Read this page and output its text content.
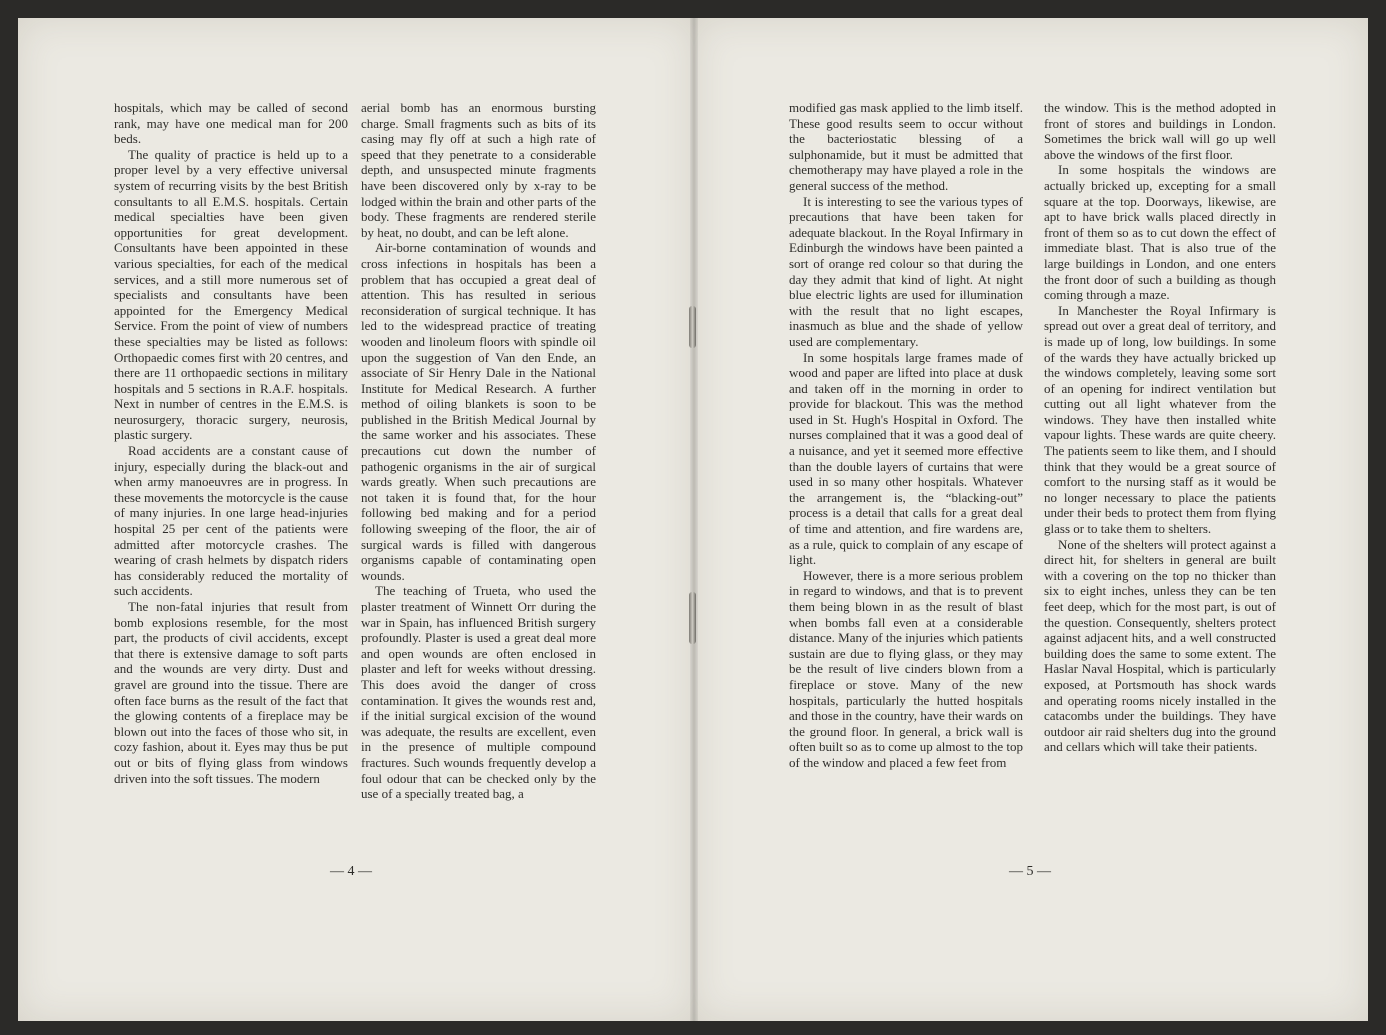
hospitals, which may be called of second rank, may have one medical man for 200 beds.

The quality of practice is held up to a proper level by a very effective universal system of recurring visits by the best British consultants to all E.M.S. hospitals. Certain medical specialties have been given opportunities for great development. Consultants have been appointed in these various specialties, for each of the medical services, and a still more numerous set of specialists and consultants have been appointed for the Emergency Medical Service. From the point of view of numbers these specialties may be listed as follows: Orthopaedic comes first with 20 centres, and there are 11 orthopaedic sections in military hospitals and 5 sections in R.A.F. hospitals. Next in number of centres in the E.M.S. is neurosurgery, thoracic surgery, neurosis, plastic surgery.

Road accidents are a constant cause of injury, especially during the black-out and when army manoeuvres are in progress. In these movements the motorcycle is the cause of many injuries. In one large head-injuries hospital 25 per cent of the patients were admitted after motorcycle crashes. The wearing of crash helmets by dispatch riders has considerably reduced the mortality of such accidents.

The non-fatal injuries that result from bomb explosions resemble, for the most part, the products of civil accidents, except that there is extensive damage to soft parts and the wounds are very dirty. Dust and gravel are ground into the tissue. There are often face burns as the result of the fact that the glowing contents of a fireplace may be blown out into the faces of those who sit, in cozy fashion, about it. Eyes may thus be put out or bits of flying glass from windows driven into the soft tissues. The modern

aerial bomb has an enormous bursting charge. Small fragments such as bits of its casing may fly off at such a high rate of speed that they penetrate to a considerable depth, and unsuspected minute fragments have been discovered only by x-ray to be lodged within the brain and other parts of the body. These fragments are rendered sterile by heat, no doubt, and can be left alone.

Air-borne contamination of wounds and cross infections in hospitals has been a problem that has occupied a great deal of attention. This has resulted in serious reconsideration of surgical technique. It has led to the widespread practice of treating wooden and linoleum floors with spindle oil upon the suggestion of Van den Ende, an associate of Sir Henry Dale in the National Institute for Medical Research. A further method of oiling blankets is soon to be published in the British Medical Journal by the same worker and his associates. These precautions cut down the number of pathogenic organisms in the air of surgical wards greatly. When such precautions are not taken it is found that, for the hour following bed making and for a period following sweeping of the floor, the air of surgical wards is filled with dangerous organisms capable of contaminating open wounds.

The teaching of Trueta, who used the plaster treatment of Winnett Orr during the war in Spain, has influenced British surgery profoundly. Plaster is used a great deal more and open wounds are often enclosed in plaster and left for weeks without dressing. This does avoid the danger of cross contamination. It gives the wounds rest and, if the initial surgical excision of the wound was adequate, the results are excellent, even in the presence of multiple compound fractures. Such wounds frequently develop a foul odour that can be checked only by the use of a specially treated bag, a

modified gas mask applied to the limb itself. These good results seem to occur without the bacteriostatic blessing of a sulphonamide, but it must be admitted that chemotherapy may have played a role in the general success of the method.

It is interesting to see the various types of precautions that have been taken for adequate blackout. In the Royal Infirmary in Edinburgh the windows have been painted a sort of orange red colour so that during the day they admit that kind of light. At night blue electric lights are used for illumination with the result that no light escapes, inasmuch as blue and the shade of yellow used are complementary.

In some hospitals large frames made of wood and paper are lifted into place at dusk and taken off in the morning in order to provide for blackout. This was the method used in St. Hugh's Hospital in Oxford. The nurses complained that it was a good deal of a nuisance, and yet it seemed more effective than the double layers of curtains that were used in so many other hospitals. Whatever the arrangement is, the “blacking-out” process is a detail that calls for a great deal of time and attention, and fire wardens are, as a rule, quick to complain of any escape of light.

However, there is a more serious problem in regard to windows, and that is to prevent them being blown in as the result of blast when bombs fall even at a considerable distance. Many of the injuries which patients sustain are due to flying glass, or they may be the result of live cinders blown from a fireplace or stove. Many of the new hospitals, particularly the hutted hospitals and those in the country, have their wards on the ground floor. In general, a brick wall is often built so as to come up almost to the top of the window and placed a few feet from

the window. This is the method adopted in front of stores and buildings in London. Sometimes the brick wall will go up well above the windows of the first floor.

In some hospitals the windows are actually bricked up, excepting for a small square at the top. Doorways, likewise, are apt to have brick walls placed directly in front of them so as to cut down the effect of immediate blast. That is also true of the large buildings in London, and one enters the front door of such a building as though coming through a maze.

In Manchester the Royal Infirmary is spread out over a great deal of territory, and is made up of long, low buildings. In some of the wards they have actually bricked up the windows completely, leaving some sort of an opening for indirect ventilation but cutting out all light whatever from the windows. They have then installed white vapour lights. These wards are quite cheery. The patients seem to like them, and I should think that they would be a great source of comfort to the nursing staff as it would be no longer necessary to place the patients under their beds to protect them from flying glass or to take them to shelters.

None of the shelters will protect against a direct hit, for shelters in general are built with a covering on the top no thicker than six to eight inches, unless they can be ten feet deep, which for the most part, is out of the question. Consequently, shelters protect against adjacent hits, and a well constructed building does the same to some extent. The Haslar Naval Hospital, which is particularly exposed, at Portsmouth has shock wards and operating rooms nicely installed in the catacombs under the buildings. They have outdoor air raid shelters dug into the ground and cellars which will take their patients.

— 4 —	— 5 —
